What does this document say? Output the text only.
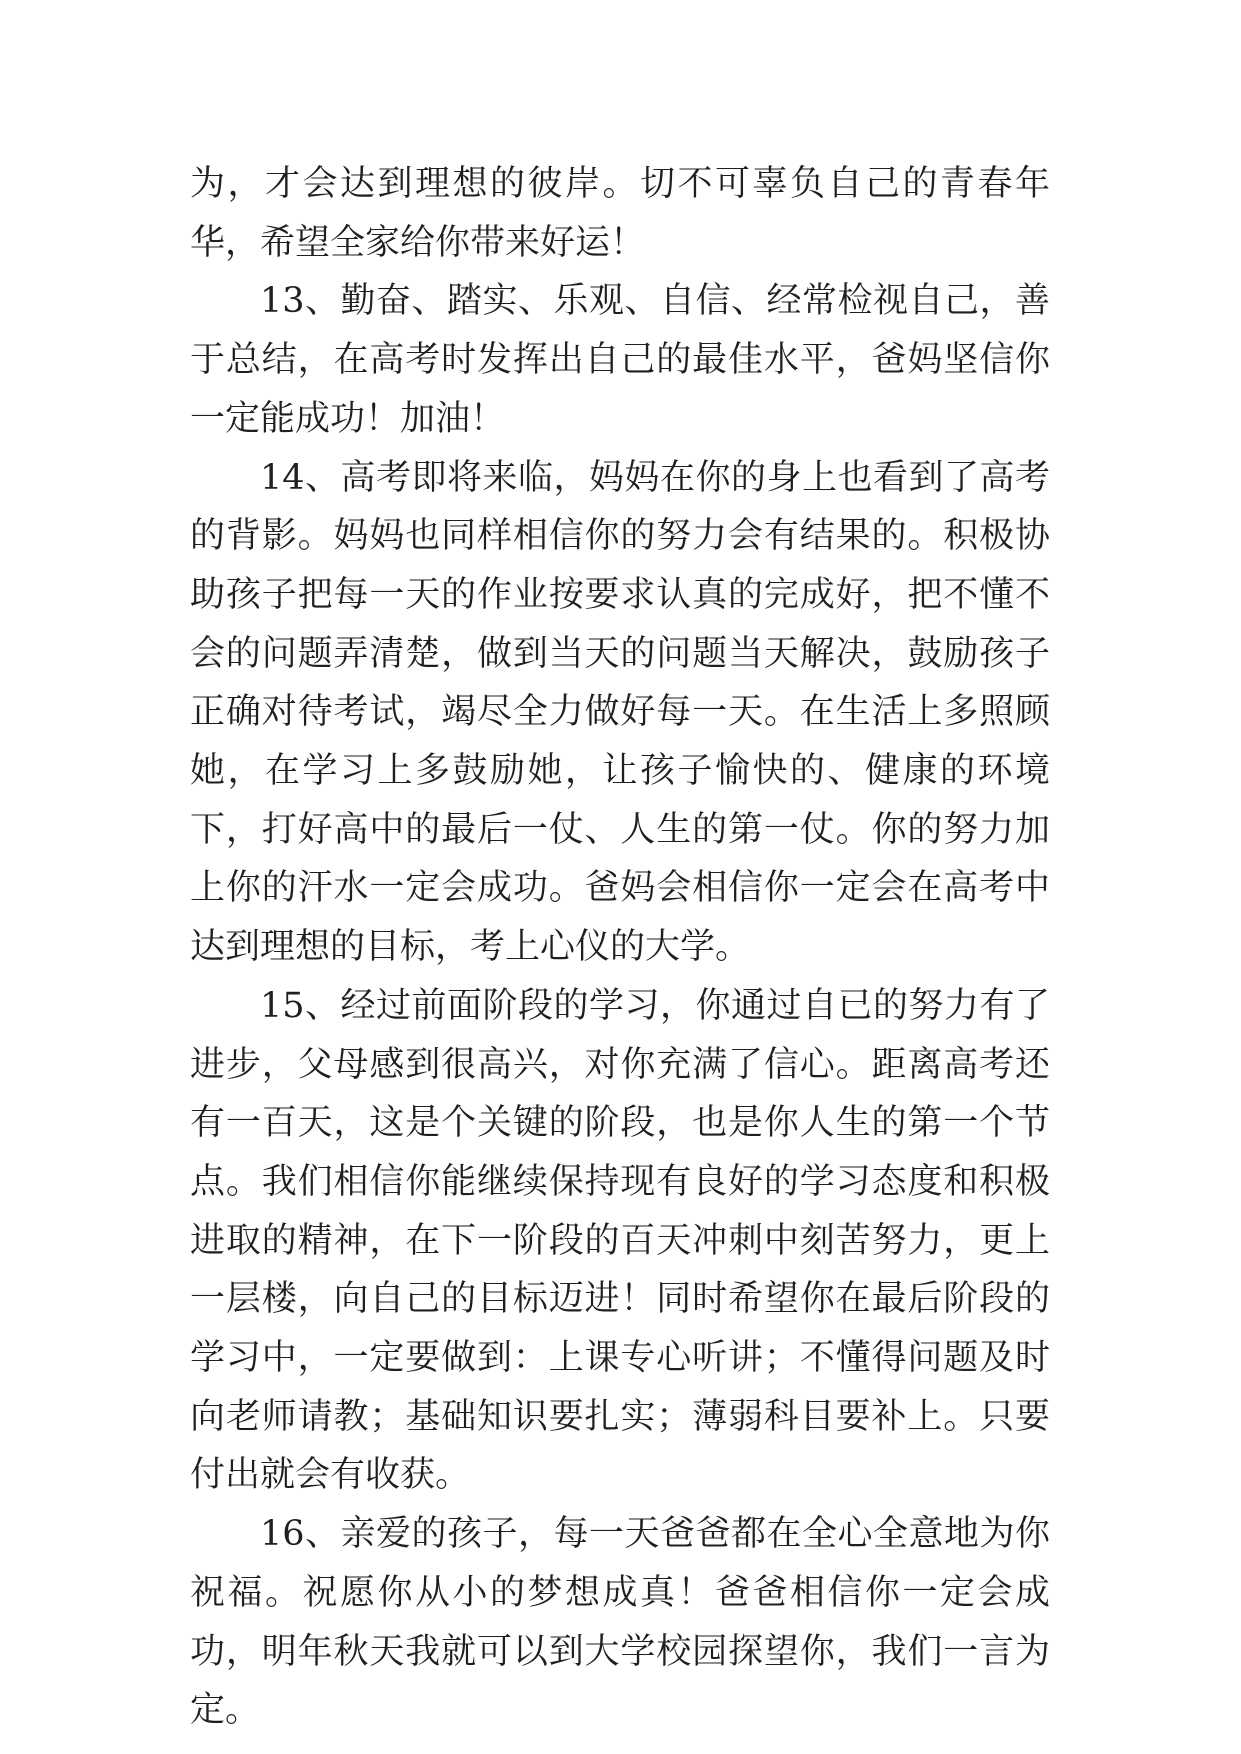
为，才会达到理想的彼岸。切不可辜负自己的青春年华，希望全家给你带来好运！

13、勤奋、踏实、乐观、自信、经常检视自己，善于总结，在高考时发挥出自己的最佳水平，爸妈坚信你一定能成功！加油！

14、高考即将来临，妈妈在你的身上也看到了高考的背影。妈妈也同样相信你的努力会有结果的。积极协助孩子把每一天的作业按要求认真的完成好，把不懂不会的问题弄清楚，做到当天的问题当天解决，鼓励孩子正确对待考试，竭尽全力做好每一天。在生活上多照顾她，在学习上多鼓励她，让孩子愉快的、健康的环境下，打好高中的最后一仗、人生的第一仗。你的努力加上你的汗水一定会成功。爸妈会相信你一定会在高考中达到理想的目标，考上心仪的大学。

15、经过前面阶段的学习，你通过自已的努力有了进步，父母感到很高兴，对你充满了信心。距离高考还有一百天，这是个关键的阶段，也是你人生的第一个节点。我们相信你能继续保持现有良好的学习态度和积极进取的精神，在下一阶段的百天冲刺中刻苦努力，更上一层楼，向自己的目标迈进！同时希望你在最后阶段的学习中，一定要做到：上课专心听讲；不懂得问题及时向老师请教；基础知识要扎实；薄弱科目要补上。只要付出就会有收获。

16、亲爱的孩子，每一天爸爸都在全心全意地为你祝福。祝愿你从小的梦想成真！爸爸相信你一定会成功，明年秋天我就可以到大学校园探望你，我们一言为定。
